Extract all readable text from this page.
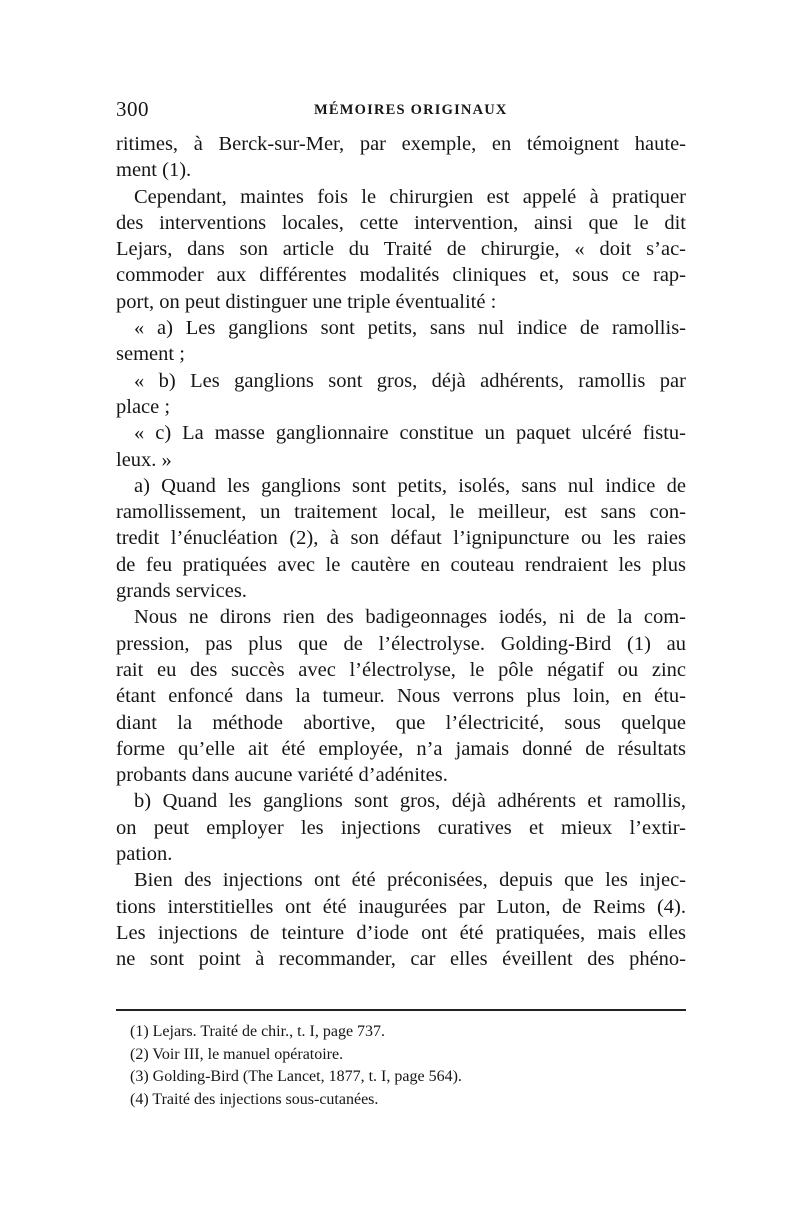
300	MÉMOIRES ORIGINAUX
ritimes, à Berck-sur-Mer, par exemple, en témoignent haute-
ment (1).
Cependant, maintes fois le chirurgien est appelé à pratiquer
des interventions locales, cette intervention, ainsi que le dit
Lejars, dans son article du Traité de chirurgie, « doit s’ac-
commoder aux différentes modalités cliniques et, sous ce rap-
port, on peut distinguer une triple éventualité :
« a) Les ganglions sont petits, sans nul indice de ramollis-
sement ;
« b) Les ganglions sont gros, déjà adhérents, ramollis par
place ;
« c) La masse ganglionnaire constitue un paquet ulcéré fistu-
leux. »
a) Quand les ganglions sont petits, isolés, sans nul indice de
ramollissement, un traitement local, le meilleur, est sans con-
tredit l’énucléation (2), à son défaut l’ignipuncture ou les raies
de feu pratiquées avec le cautère en couteau rendraient les plus
grands services.
Nous ne dirons rien des badigeonnages iodés, ni de la com-
pression, pas plus que de l’électrolyse. Golding-Bird (1) au
rait eu des succès avec l’électrolyse, le pôle négatif ou zinc
étant enfoncé dans la tumeur. Nous verrons plus loin, en étu-
diant la méthode abortive, que l’électricité, sous quelque
forme qu’elle ait été employée, n’a jamais donné de résultats
probants dans aucune variété d’adénites.
b) Quand les ganglions sont gros, déjà adhérents et ramollis,
on peut employer les injections curatives et mieux l’extir-
pation.
Bien des injections ont été préconisées, depuis que les injec-
tions interstitielles ont été inaugurées par Luton, de Reims (4).
Les injections de teinture d’iode ont été pratiquées, mais elles
ne sont point à recommander, car elles éveillent des phéno-
(1) Lejars. Traité de chir., t. I, page 737.
(2) Voir III, le manuel opératoire.
(3) Golding-Bird (The Lancet, 1877, t. I, page 564).
(4) Traité des injections sous-cutanées.
